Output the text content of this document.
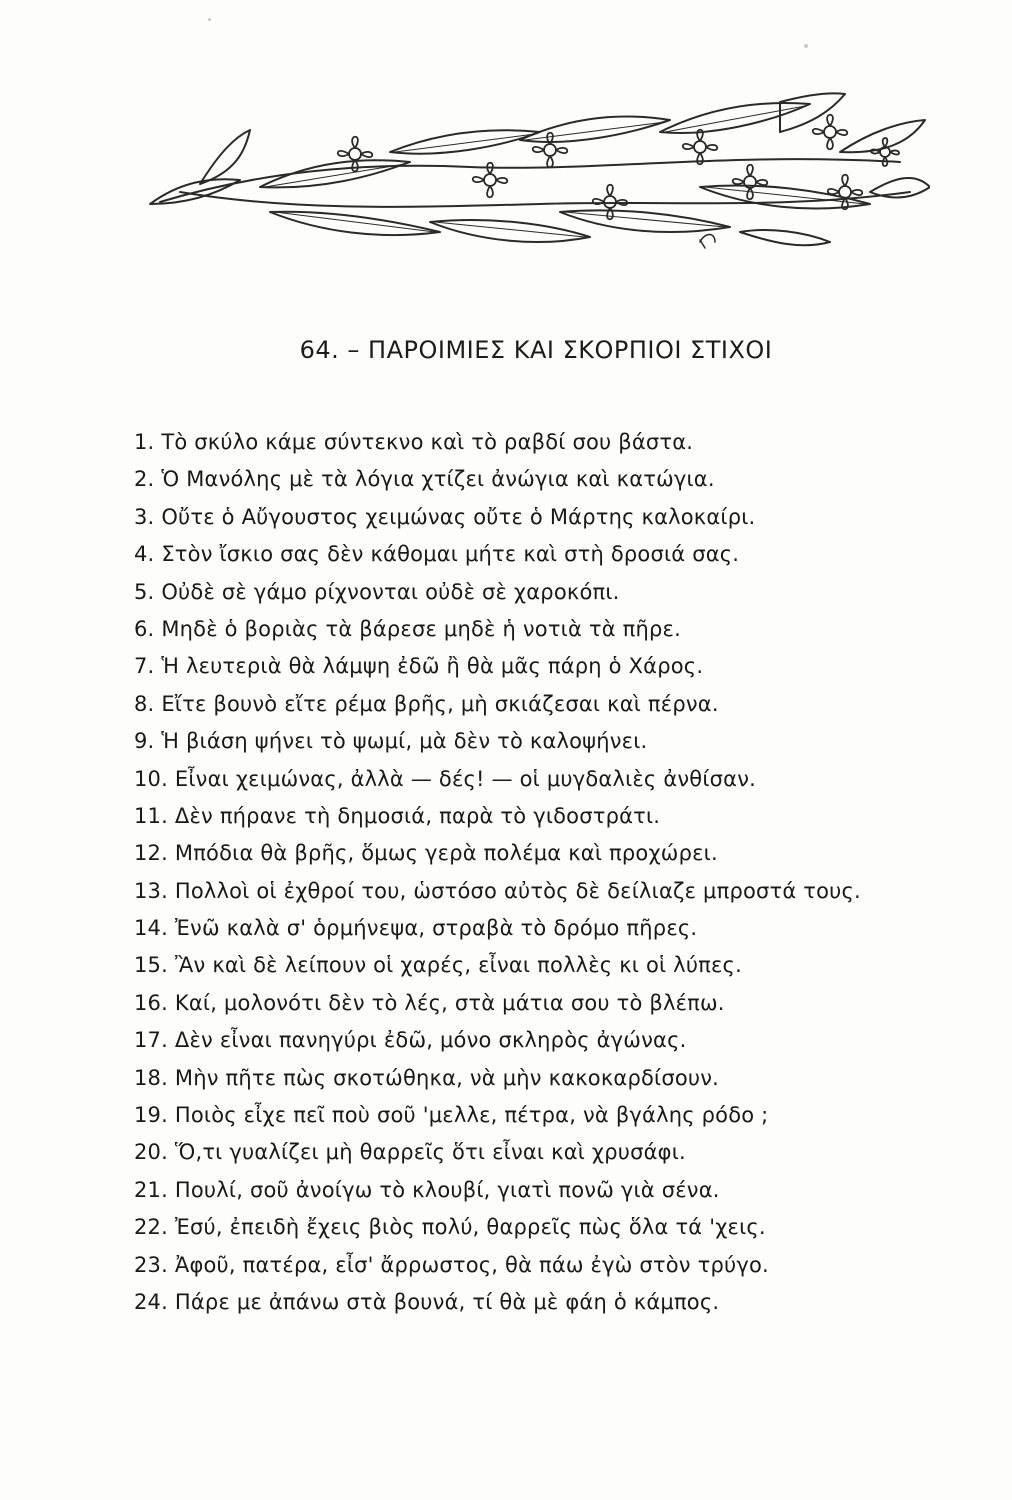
64. – ΠΑΡΟΙΜΙΕΣ ΚΑΙ ΣΚΟΡΠΙΟΙ ΣΤΙΧΟΙ
1. Τὸ σκύλο κάμε σύντεκνο καὶ τὸ ραβδί σου βάστα.
2. Ὁ Μανόλης μὲ τὰ λόγια χτίζει ἀνώγια καὶ κατώγια.
3. Οὔτε ὁ Αὔγουστος χειμώνας οὔτε ὁ Μάρτης καλοκαίρι.
4. Στὸν ἴσκιο σας δὲν κάθομαι μήτε καὶ στὴ δροσιά σας.
5. Οὐδὲ σὲ γάμο ρίχνονται οὐδὲ σὲ χαροκόπι.
6. Μηδὲ ὁ βοριὰς τὰ βάρεσε μηδὲ ἡ νοτιὰ τὰ πῆρε.
7. Ἡ λευτεριὰ θὰ λάμψη ἐδῶ ἢ θὰ μᾶς πάρη ὁ Χάρος.
8. Εἴτε βουνὸ εἴτε ρέμα βρῆς, μὴ σκιάζεσαι καὶ πέρνα.
9. Ἡ βιάση ψήνει τὸ ψωμί, μὰ δὲν τὸ καλοψήνει.
10. Εἶναι χειμώνας, ἀλλὰ — δές! — οἱ μυγδαλιὲς ἀνθίσαν.
11. Δὲν πήρανε τὴ δημοσιά, παρὰ τὸ γιδοστράτι.
12. Μπόδια θὰ βρῆς, ὅμως γερὰ πολέμα καὶ προχώρει.
13. Πολλοὶ οἱ ἐχθροί του, ὡστόσο αὐτὸς δὲ δείλιαζε μπροστά τους.
14. Ἐνῶ καλὰ σ' ὁρμήνεψα, στραβὰ τὸ δρόμο πῆρες.
15. Ἂν καὶ δὲ λείπουν οἱ χαρές, εἶναι πολλὲς κι οἱ λύπες.
16. Καί, μολονότι δὲν τὸ λές, στὰ μάτια σου τὸ βλέπω.
17. Δὲν εἶναι πανηγύρι ἐδῶ, μόνο σκληρὸς ἀγώνας.
18. Μὴν πῆτε πὼς σκοτώθηκα, νὰ μὴν κακοκαρδίσουν.
19. Ποιὸς εἶχε πεῖ ποὺ σοῦ 'μελλε, πέτρα, νὰ βγάλης ρόδο ;
20. Ὅ,τι γυαλίζει μὴ θαρρεῖς ὅτι εἶναι καὶ χρυσάφι.
21. Πουλί, σοῦ ἀνοίγω τὸ κλουβί, γιατὶ πονῶ γιὰ σένα.
22. Ἐσύ, ἐπειδὴ ἔχεις βιὸς πολύ, θαρρεῖς πὼς ὅλα τά 'χεις.
23. Ἀφοῦ, πατέρα, εἶσ' ἄρρωστος, θὰ πάω ἐγὼ στὸν τρύγο.
24. Πάρε με ἀπάνω στὰ βουνά, τί θὰ μὲ φάη ὁ κάμπος.
